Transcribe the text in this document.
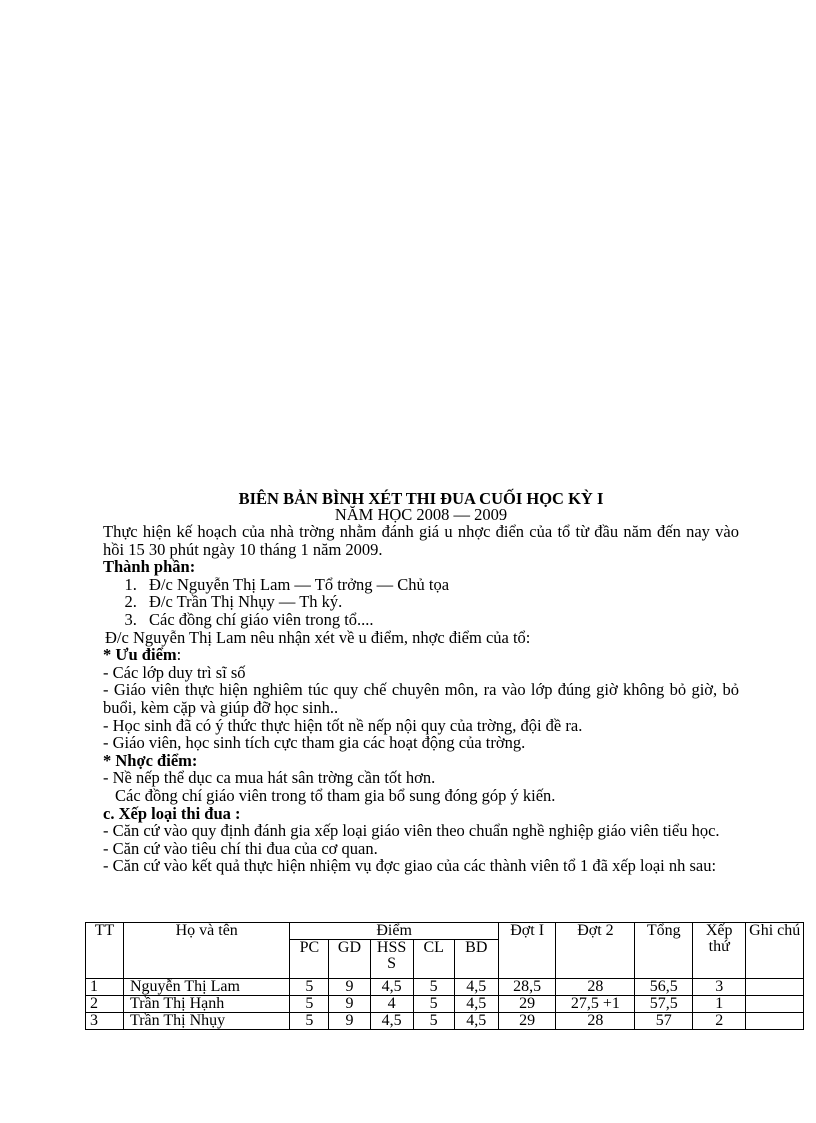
BIÊN BẢN BÌNH XÉT THI ĐUA CUỐI HỌC KỲ I
NĂM HỌC 2008 — 2009
Thực hiện kế hoạch của nhà trờng nhằm đánh giá u nhợc điển của tổ từ đầu năm đến nay vào hồi 15 30 phút ngày 10 tháng 1 năm 2009.
Thành phần:
1. Đ/c Nguyễn Thị Lam — Tổ trởng — Chủ tọa
2. Đ/c Trần Thị Nhụy — Th ký.
3. Các đồng chí giáo viên trong tổ....
Đ/c Nguyễn Thị Lam nêu nhận xét về u điểm, nhợc điểm của tổ:
* Ưu điểm:
- Các lớp duy trì sĩ số
- Giáo viên thực hiện nghiêm túc quy chế chuyên môn, ra vào lớp đúng giờ không bỏ giờ, bỏ buổi, kèm cặp và giúp đỡ học sinh..
- Học sinh đã có ý thức thực hiện tốt nề nếp nội quy của trờng, đội đề ra.
- Giáo viên, học sinh tích cực tham gia các hoạt động của trờng.
* Nhợc điểm:
- Nề nếp thể dục ca mua hát sân trờng cần tốt hơn.
Các đồng chí giáo viên trong tổ tham gia bổ sung đóng góp ý kiến.
c. Xếp loại thi đua :
- Căn cứ vào quy định đánh gia xếp loại giáo viên theo chuẩn nghề nghiệp giáo viên tiểu học.
- Căn cứ vào tiêu chí thi đua của cơ quan.
- Căn cứ vào kết quả thực hiện nhiệm vụ đợc giao của các thành viên tổ 1 đã xếp loại nh sau:
TT	Họ và tên	Điểm					Đợt I	Đợt 2	Tổng	Xếp thứ	Ghi chú
		PC	GD	HSS S	CL	BD					
1	Nguyễn Thị Lam	5	9	4,5	5	4,5	28,5	28	56,5	3	
2	Trần Thị Hạnh	5	9	4	5	4,5	29	27,5 +1	57,5	1	
3	Trần Thị Nhụy	5	9	4,5	5	4,5	29	28	57	2	
